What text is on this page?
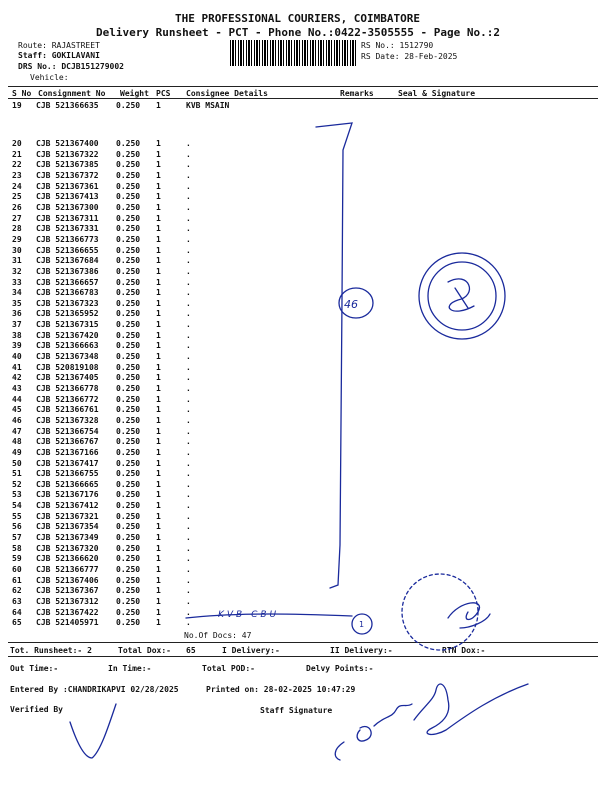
THE PROFESSIONAL COURIERS, COIMBATORE
Delivery Runsheet - PCT - Phone No.:0422-3505555 - Page No.:2
Route: RAJASTREET
Staff: GOKILAVANI
DRS No.: DCJB151279002
Vehicle:
RS No.: 1512790
RS Date: 28-Feb-2025
S No Consignment No Weight PCS Consignee Details	Remarks	Seal & Signature
19 CJB 521366635 0.250 1	KVB MSAIN
20 CJB 521367400 0.250 1	.
21 CJB 521367322 0.250 1	.
22 CJB 521367385 0.250 1	.
23 CJB 521367372 0.250 1	.
24 CJB 521367361 0.250 1	.
25 CJB 521367413 0.250 1	.
26 CJB 521367300 0.250 1	.
27 CJB 521367311 0.250 1	.
28 CJB 521367331 0.250 1	.
29 CJB 521366773 0.250 1	.
30 CJB 521366655 0.250 1	.
31 CJB 521367684 0.250 1	.
32 CJB 521367386 0.250 1	.
33 CJB 521366657 0.250 1	.
34 CJB 521366783 0.250 1	.
35 CJB 521367323 0.250 1	.
36 CJB 521365952 0.250 1	.
37 CJB 521367315 0.250 1	.
38 CJB 521367420 0.250 1	.
39 CJB 521366663 0.250 1	.
40 CJB 521367348 0.250 1	.
41 CJB 520819108 0.250 1	.
42 CJB 521367405 0.250 1	.
43 CJB 521366778 0.250 1	.
44 CJB 521366772 0.250 1	.
45 CJB 521366761 0.250 1	.
46 CJB 521367328 0.250 1	.
47 CJB 521366754 0.250 1	.
48 CJB 521366767 0.250 1	.
49 CJB 521367166 0.250 1	.
50 CJB 521367417 0.250 1	.
51 CJB 521366755 0.250 1	.
52 CJB 521366665 0.250 1	.
53 CJB 521367176 0.250 1	.
54 CJB 521367412 0.250 1	.
55 CJB 521367321 0.250 1	.
56 CJB 521367354 0.250 1	.
57 CJB 521367349 0.250 1	.
58 CJB 521367320 0.250 1	.
59 CJB 521366620 0.250 1	.
60 CJB 521366777 0.250 1	.
61 CJB 521367406 0.250 1	.
62 CJB 521367367 0.250 1	.
63 CJB 521367312 0.250 1	.
64 CJB 521367422 0.250 1	.
65 CJB 521405971 0.250 1	.
No.Of Docs: 47
Tot. Runsheet:- 2	Total Dox:- 65	I Delivery:-	II Delivery:-	RTN Dox:-
Out Time:-	In Time:-	Total POD:-	Delvy Points:-
Entered By :CHANDRIKAPVI 02/28/2025	Printed on: 28-02-2025 10:47:29
Verified By	Staff Signature
46
KVB CBU
1
